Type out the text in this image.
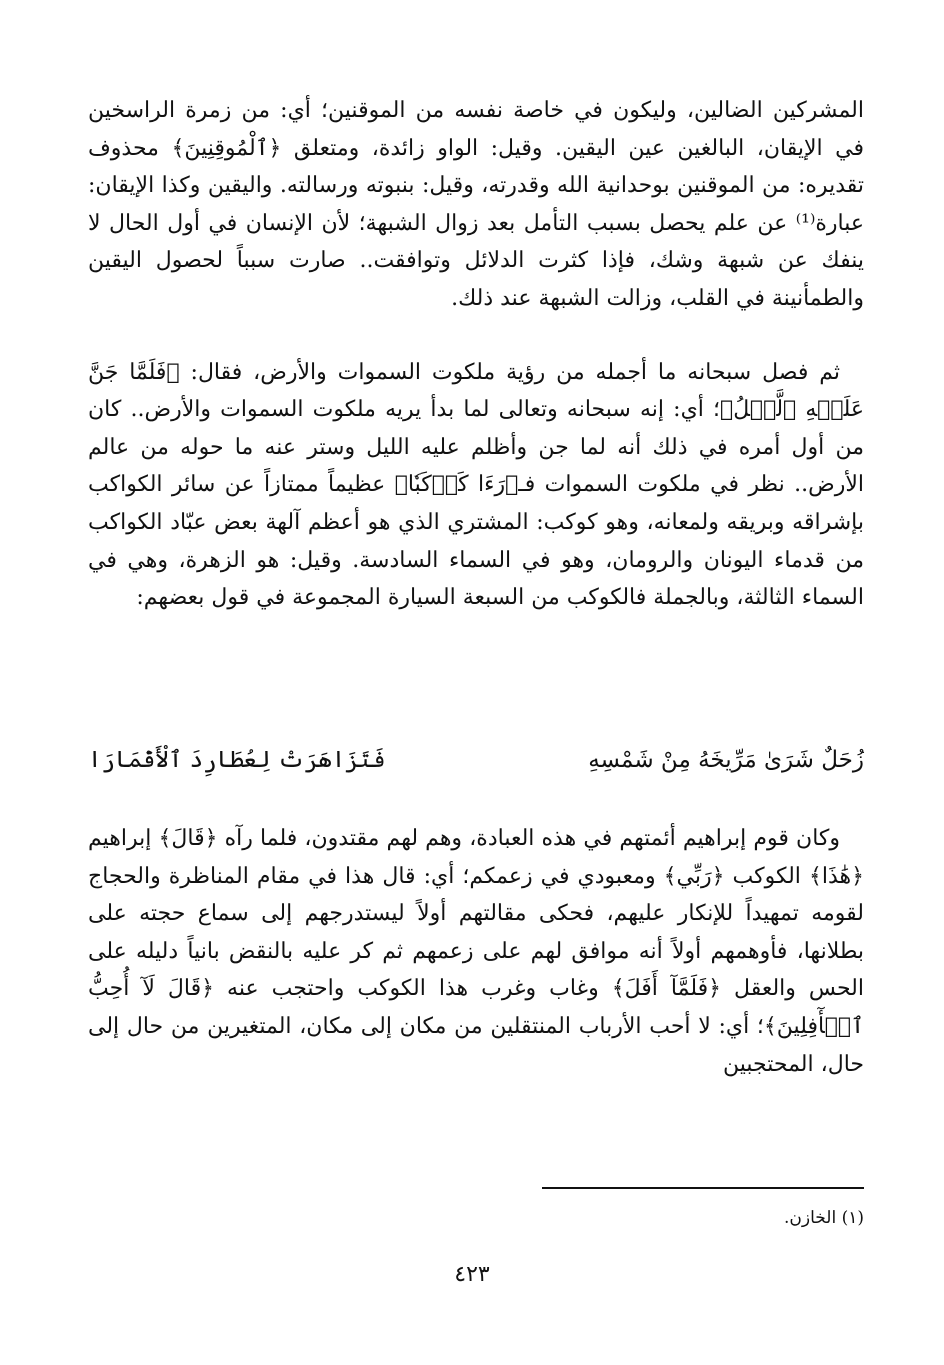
المشركين الضالين، وليكون في خاصة نفسه من الموقنين؛ أي: من زمرة الراسخين في الإيقان، البالغين عين اليقين. وقيل: الواو زائدة، ومتعلق ﴿ٱلْمُوقِنِينَ﴾ محذوف تقديره: من الموقنين بوحدانية الله وقدرته، وقيل: بنبوته ورسالته. واليقين وكذا الإيقان: عبارة⁽¹⁾ عن علم يحصل بسبب التأمل بعد زوال الشبهة؛ لأن الإنسان في أول الحال لا ينفك عن شبهة وشك، فإذا كثرت الدلائل وتوافقت.. صارت سبباً لحصول اليقين والطمأنينة في القلب، وزالت الشبهة عند ذلك.

ثم فصل سبحانه ما أجمله من رؤية ملكوت السموات والأرض، فقال: ﴿فَلَمَّا جَنَّ عَلَيۡهِ ٱلَّيۡلُ﴾؛ أي: إنه سبحانه وتعالى لما بدأ يريه ملكوت السموات والأرض.. كان من أول أمره في ذلك أنه لما جن وأظلم عليه الليل وستر عنه ما حوله من عالم الأرض.. نظر في ملكوت السموات فـ﴿رَءَا كَوۡكَبٗا﴾ عظيماً ممتازاً عن سائر الكواكب بإشراقه وبريقه ولمعانه، وهو كوكب: المشتري الذي هو أعظم آلهة بعض عبّاد الكواكب من قدماء اليونان والرومان، وهو في السماء السادسة. وقيل: هو الزهرة، وهي في السماء الثالثة، وبالجملة فالكوكب من السبعة السيارة المجموعة في قول بعضهم:

زُحَلٌ شَرَىٰ مَرِّيخَهُ مِنْ شَمْسِهِ
فَتَزَاهَرَتْ لِعُطَارِدَ ٱلْأَقْمَارَا

وكان قوم إبراهيم أئمتهم في هذه العبادة، وهم لهم مقتدون، فلما رآه ﴿قَالَ﴾ إبراهيم ﴿هَٰذَا﴾ الكوكب ﴿رَبِّي﴾ ومعبودي في زعمكم؛ أي: قال هذا في مقام المناظرة والحجاج لقومه تمهيداً للإنكار عليهم، فحكى مقالتهم أولاً ليستدرجهم إلى سماع حجته على بطلانها، فأوهمهم أولاً أنه موافق لهم على زعمهم ثم كر عليه بالنقض بانياً دليله على الحس والعقل ﴿فَلَمَّآ أَفَلَ﴾ وغاب وغرب هذا الكوكب واحتجب عنه ﴿قَالَ لَآ أُحِبُّ ٱلۡأٓفِلِينَ﴾؛ أي: لا أحب الأرباب المنتقلين من مكان إلى مكان، المتغيرين من حال إلى حال، المحتجبين

(١) الخازن.
٤٢٣
